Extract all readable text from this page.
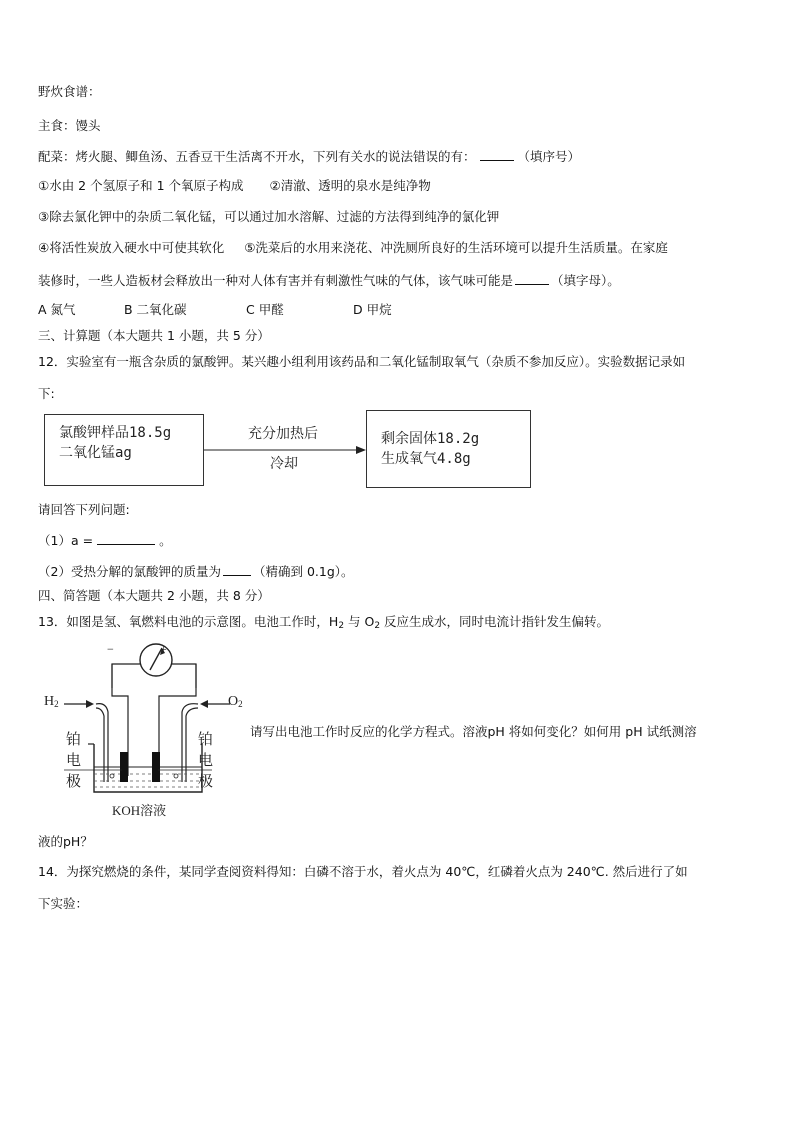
野炊食谱：
主食：馒头
配菜：烤火腿、鲫鱼汤、五香豆干生活离不开水，下列有关水的说法错误的有：	（填序号）
①水由 2 个氢原子和 1 个氧原子构成 ②清澈、透明的泉水是纯净物
③除去氯化钾中的杂质二氧化锰，可以通过加水溶解、过滤的方法得到纯净的氯化钾
④将活性炭放入硬水中可使其软化 ⑤洗菜后的水用来浇花、冲洗厕所良好的生活环境可以提升生活质量。在家庭
装修时，一些人造板材会释放出一种对人体有害并有刺激性气味的气体，该气味可能是	（填字母）。
A 氮气	B 二氧化碳	C 甲醛	D 甲烷
三、计算题（本大题共 1 小题，共 5 分）
12．实验室有一瓶含杂质的氯酸钾。某兴趣小组利用该药品和二氧化锰制取氧气（杂质不参加反应）。实验数据记录如
下:
氯酸钾样品18.5g
二氧化锰ag
充分加热后
冷却
剩余固体18.2g
生成氧气4.8g
请回答下列问题:
（1）a =	。
（2）受热分解的氯酸钾的质量为	（精确到 0.1g）。
四、简答题（本大题共 2 小题，共 8 分）
13．如图是氢、氧燃料电池的示意图。电池工作时，$H_2$ 与 $O_2$ 反应生成水，同时电流计指针发生偏转。
−	+
$H_2$	$O_2$
铂
电
极
铂
电
极
KOH溶液
请写出电池工作时反应的化学方程式。溶液pH 将如何变化？如何用 pH 试纸测溶
液的pH？
14．为探究燃烧的条件，某同学查阅资料得知：白磷不溶于水，着火点为 40℃，红磷着火点为 240℃. 然后进行了如
下实验：
